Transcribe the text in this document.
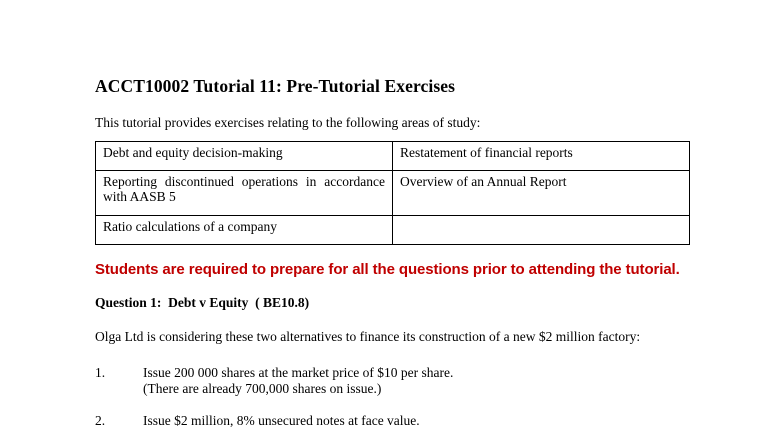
ACCT10002 Tutorial 11: Pre-Tutorial Exercises
This tutorial provides exercises relating to the following areas of study:
Debt and equity decision-making	Restatement of financial reports
Reporting discontinued operations in accordance with AASB 5	Overview of an Annual Report
Ratio calculations of a company	
Students are required to prepare for all the questions prior to attending the tutorial.
Question 1:  Debt v Equity  ( BE10.8)
Olga Ltd is considering these two alternatives to finance its construction of a new $2 million factory:
1.	Issue 200 000 shares at the market price of $10 per share.
(There are already 700,000 shares on issue.)
2.	Issue $2 million, 8% unsecured notes at face value.
